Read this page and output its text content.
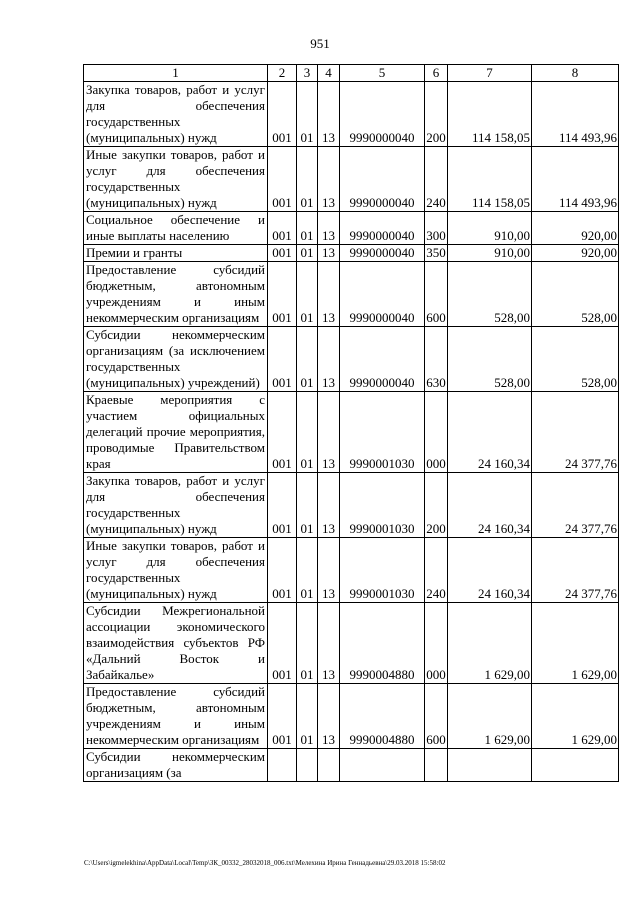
951
1	2	3	4	5	6	7	8
Закупка товаров, работ и услуг для обеспечения государственных (муниципальных) нужд	001	01	13	9990000040	200	114 158,05	114 493,96
Иные закупки товаров, работ и услуг для обеспечения государственных (муниципальных) нужд	001	01	13	9990000040	240	114 158,05	114 493,96
Социальное обеспечение и иные выплаты населению	001	01	13	9990000040	300	910,00	920,00
Премии и гранты	001	01	13	9990000040	350	910,00	920,00
Предоставление субсидий бюджетным, автономным учреждениям и иным некоммерческим организациям	001	01	13	9990000040	600	528,00	528,00
Субсидии некоммерческим организациям (за исключением государственных (муниципальных) учреждений)	001	01	13	9990000040	630	528,00	528,00
Краевые мероприятия с участием официальных делегаций прочие мероприятия, проводимые Правительством края	001	01	13	9990001030	000	24 160,34	24 377,76
Закупка товаров, работ и услуг для обеспечения государственных (муниципальных) нужд	001	01	13	9990001030	200	24 160,34	24 377,76
Иные закупки товаров, работ и услуг для обеспечения государственных (муниципальных) нужд	001	01	13	9990001030	240	24 160,34	24 377,76
Субсидии Межрегиональной ассоциации экономического взаимодействия субъектов РФ «Дальний Восток и Забайкалье»	001	01	13	9990004880	000	1 629,00	1 629,00
Предоставление субсидий бюджетным, автономным учреждениям и иным некоммерческим организациям	001	01	13	9990004880	600	1 629,00	1 629,00
Субсидии некоммерческим организациям (за							
C:\Users\igmelekhina\AppData\Local\Temp\ЗК_00332_28032018_006.txt\Мелехина Ирина Геннадьевна\29.03.2018 15:58:02
